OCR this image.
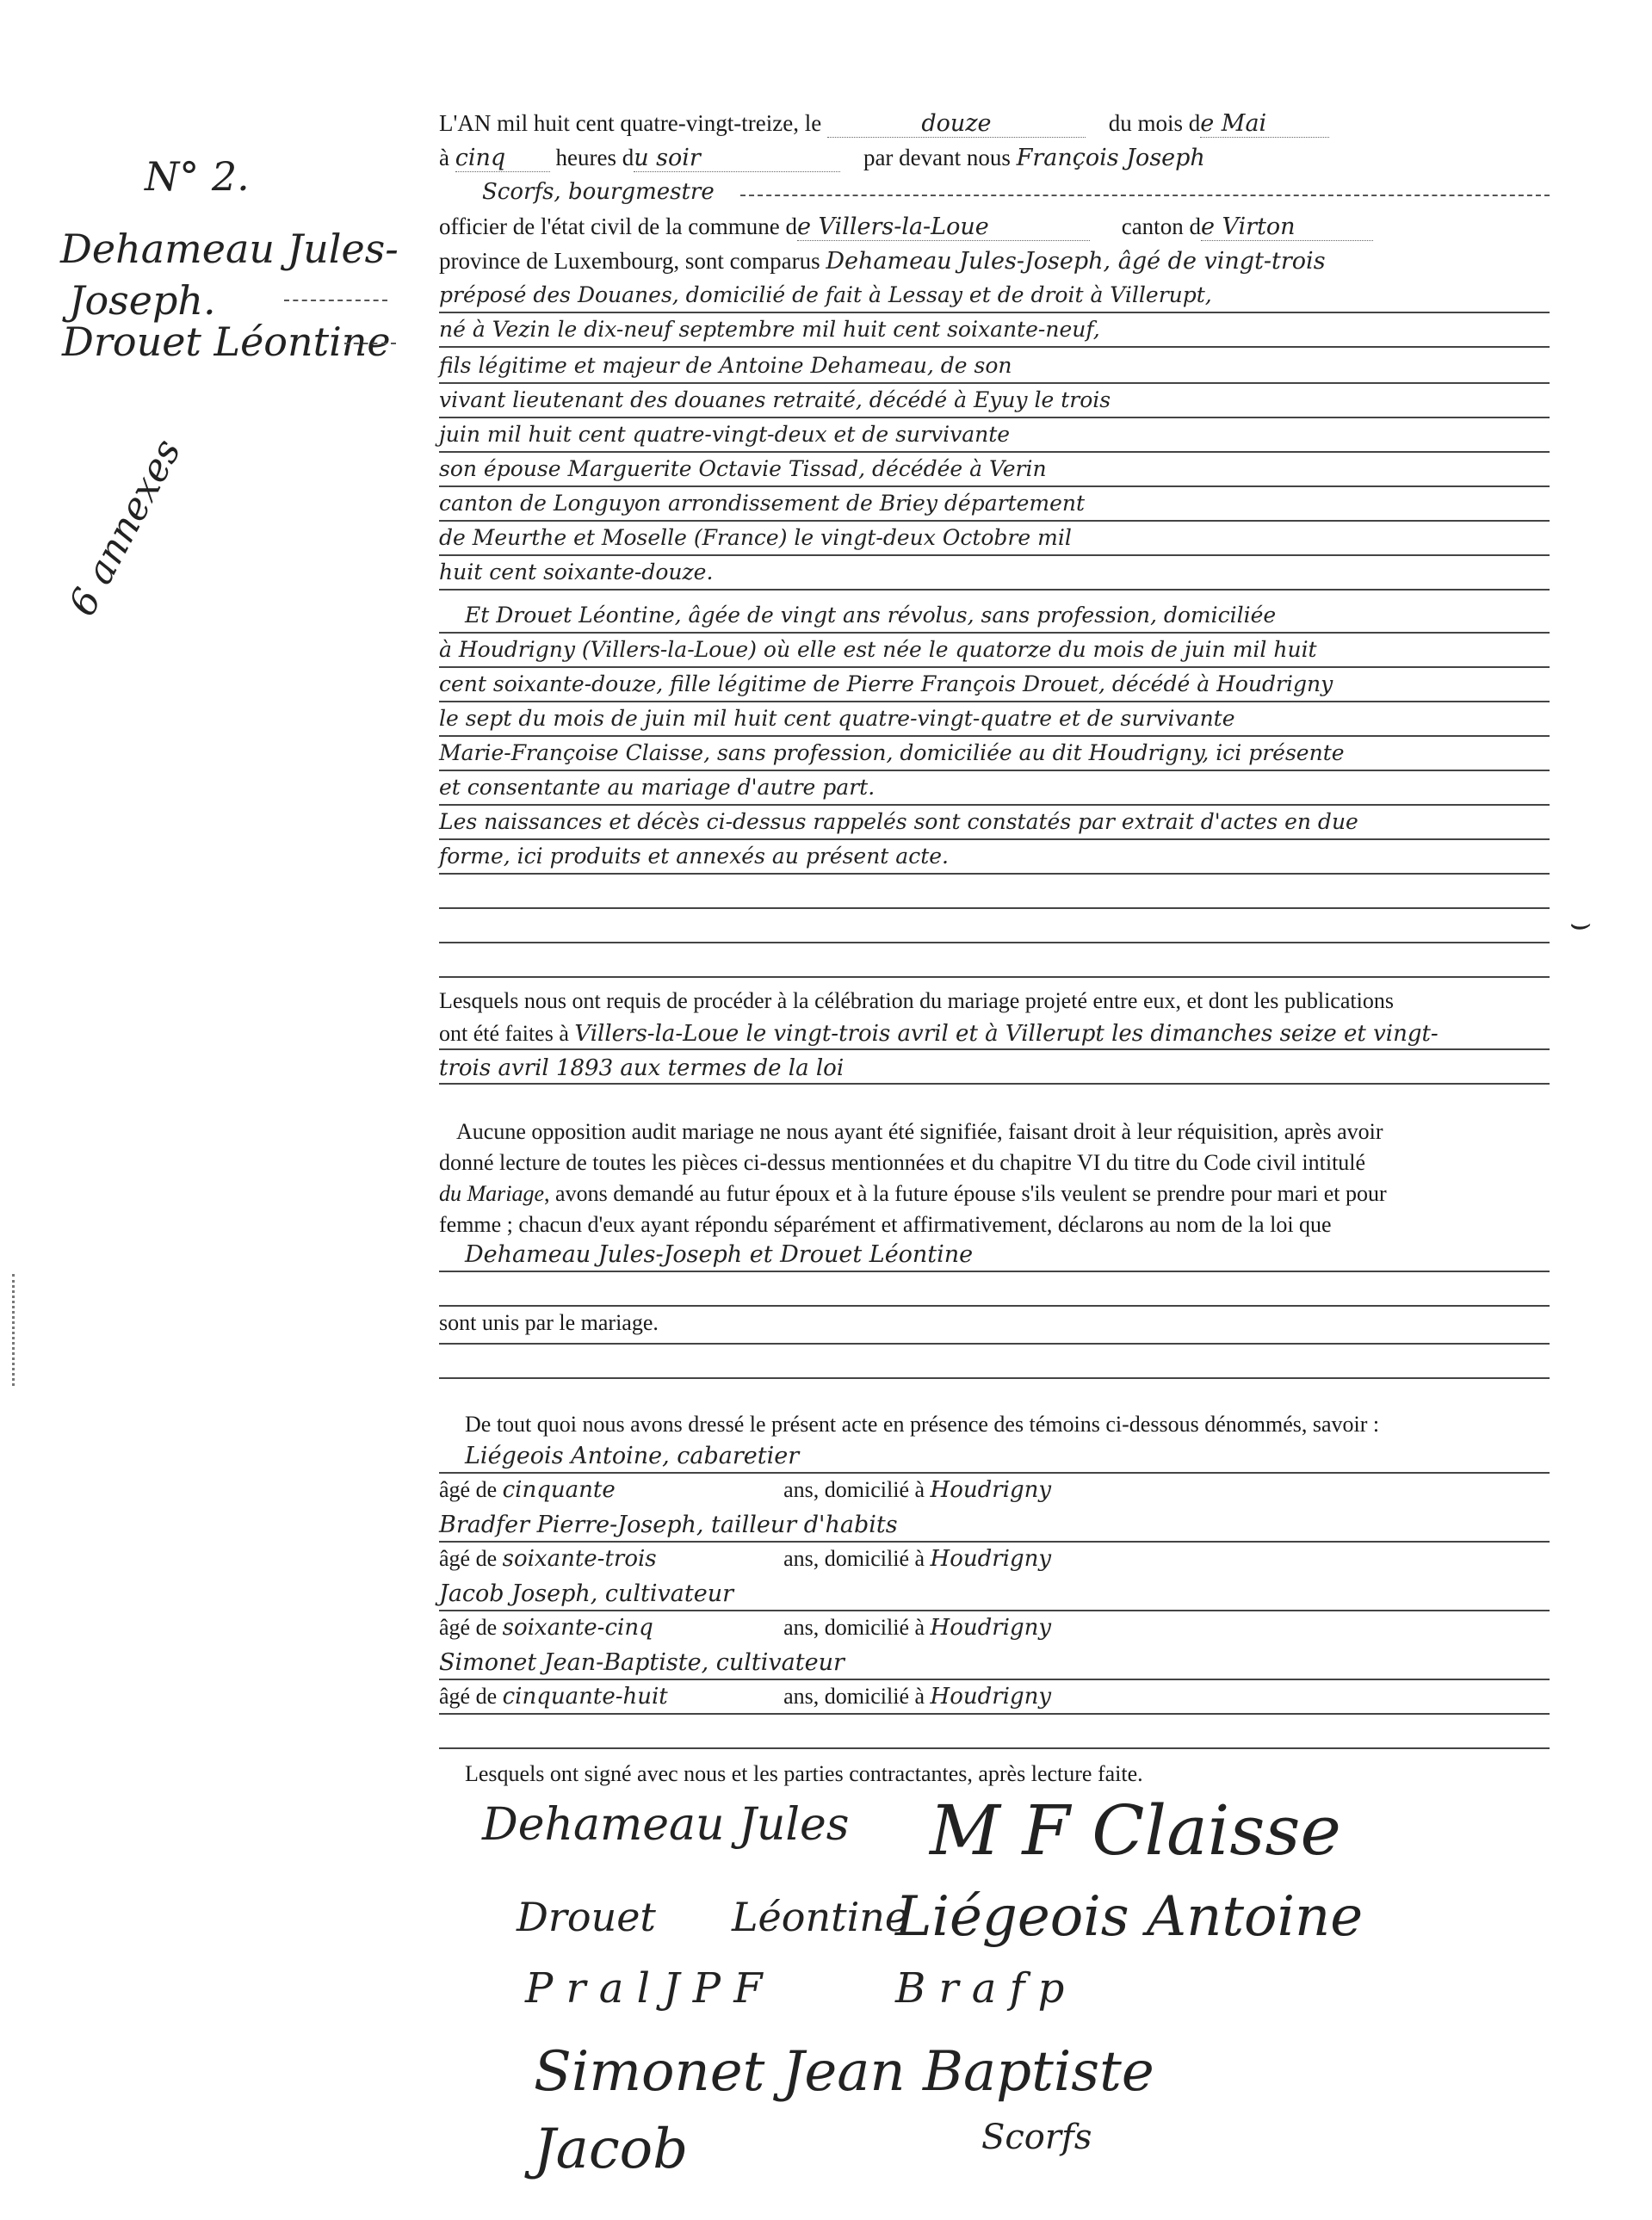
N° 2.
Dehameau Jules-
Joseph.
Drouet Léontine
6 annexes
L'AN mil huit cent quatre-vingt-treize, le	douze	du mois de Mai
à cinq heures du soir	par devant nous François Joseph
Scorfs, bourgmestre
officier de l'état civil de la commune de Villers-la-Loue	canton de Virton
province de Luxembourg, sont comparus Dehameau Jules-Joseph, âgé de vingt-trois
préposé des Douanes, domicilié de fait à Lessay et de droit à Villerupt,
né à Vezin le dix-neuf septembre mil huit cent soixante-neuf,
fils légitime et majeur de Antoine Dehameau, de son
vivant lieutenant des douanes retraité, décédé à Eyuy le trois
juin mil huit cent quatre-vingt-deux et de survivante
son épouse Marguerite Octavie Tissad, décédée à Verin
canton de Longuyon arrondissement de Briey département
de Meurthe et Moselle (France) le vingt-deux Octobre mil
huit cent soixante-douze.
Et Drouet Léontine, âgée de vingt ans révolus, sans profession, domiciliée
à Houdrigny (Villers-la-Loue) où elle est née le quatorze du mois de juin mil huit
cent soixante-douze, fille légitime de Pierre François Drouet, décédé à Houdrigny
le sept du mois de juin mil huit cent quatre-vingt-quatre et de survivante
Marie-Françoise Claisse, sans profession, domiciliée au dit Houdrigny, ici présente
et consentante au mariage d'autre part.
Les naissances et décès ci-dessus rappelés sont constatés par extrait d'actes en due
forme, ici produits et annexés au présent acte.
⌣
Lesquels nous ont requis de procéder à la célébration du mariage projeté entre eux, et dont les publications
ont été faites à Villers-la-Loue le vingt-trois avril et à Villerupt les dimanches seize et vingt-
trois avril 1893 aux termes de la loi
Aucune opposition audit mariage ne nous ayant été signifiée, faisant droit à leur réquisition, après avoir
donné lecture de toutes les pièces ci-dessus mentionnées et du chapitre VI du titre du Code civil intitulé
du Mariage, avons demandé au futur époux et à la future épouse s'ils veulent se prendre pour mari et pour
femme ; chacun d'eux ayant répondu séparément et affirmativement, déclarons au nom de la loi que
Dehameau Jules-Joseph et Drouet Léontine
sont unis par le mariage.
De tout quoi nous avons dressé le présent acte en présence des témoins ci-dessous dénommés, savoir :
Liégeois Antoine, cabaretier
âgé de cinquante	ans, domicilié à Houdrigny
Bradfer Pierre-Joseph, tailleur d'habits
âgé de soixante-trois	ans, domicilié à Houdrigny
Jacob Joseph, cultivateur
âgé de soixante-cinq	ans, domicilié à Houdrigny
Simonet Jean-Baptiste, cultivateur
âgé de cinquante-huit	ans, domicilié à Houdrigny
Lesquels ont signé avec nous et les parties contractantes, après lecture faite.
Dehameau Jules M F Claisse
Drouet Léontine
Liégeois Antoine
P r a l J P F	B r a f p
Simonet Jean Baptiste
Jacob	Scorfs
